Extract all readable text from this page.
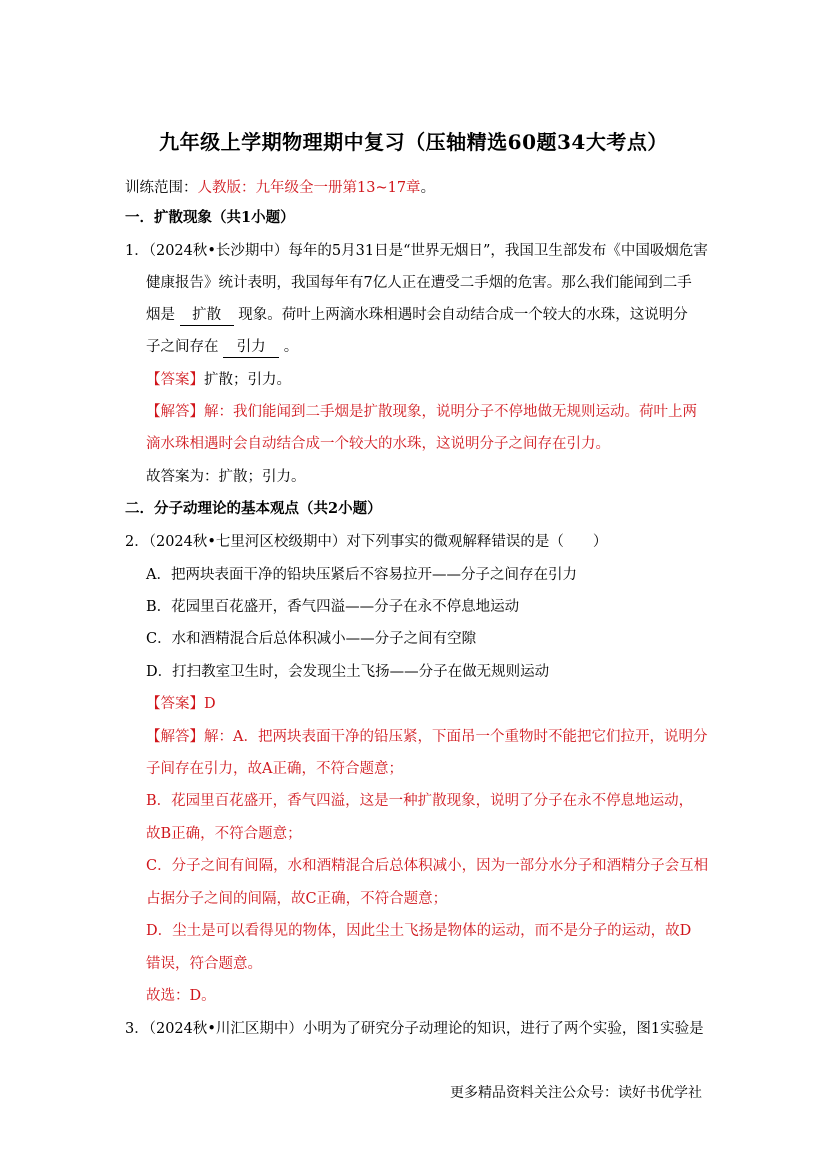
九年级上学期物理期中复习（压轴精选60题34大考点）
训练范围：人教版：九年级全一册第13~17章。
一．扩散现象（共1小题）
1．（2024秋•长沙期中）每年的5月31日是“世界无烟日”，我国卫生部发布《中国吸烟危害
健康报告》统计表明，我国每年有7亿人正在遭受二手烟的危害。那么我们能闻到二手
烟是 扩散 现象。荷叶上两滴水珠相遇时会自动结合成一个较大的水珠，这说明分
子之间存在 引力 。
【答案】扩散；引力。
【解答】解：我们能闻到二手烟是扩散现象，说明分子不停地做无规则运动。荷叶上两
滴水珠相遇时会自动结合成一个较大的水珠，这说明分子之间存在引力。
故答案为：扩散；引力。
二．分子动理论的基本观点（共2小题）
2．（2024秋•七里河区校级期中）对下列事实的微观解释错误的是（　　）
A．把两块表面干净的铅块压紧后不容易拉开——分子之间存在引力
B．花园里百花盛开，香气四溢——分子在永不停息地运动
C．水和酒精混合后总体积减小——分子之间有空隙
D．打扫教室卫生时，会发现尘土飞扬——分子在做无规则运动
【答案】D
【解答】解：A．把两块表面干净的铅压紧，下面吊一个重物时不能把它们拉开，说明分
子间存在引力，故A正确，不符合题意；
B．花园里百花盛开，香气四溢，这是一种扩散现象，说明了分子在永不停息地运动，
故B正确，不符合题意；
C．分子之间有间隔，水和酒精混合后总体积减小，因为一部分水分子和酒精分子会互相
占据分子之间的间隔，故C正确，不符合题意；
D．尘土是可以看得见的物体，因此尘土飞扬是物体的运动，而不是分子的运动，故D
错误，符合题意。
故选：D。
3．（2024秋•川汇区期中）小明为了研究分子动理论的知识，进行了两个实验，图1实验是
更多精品资料关注公众号：读好书优学社
